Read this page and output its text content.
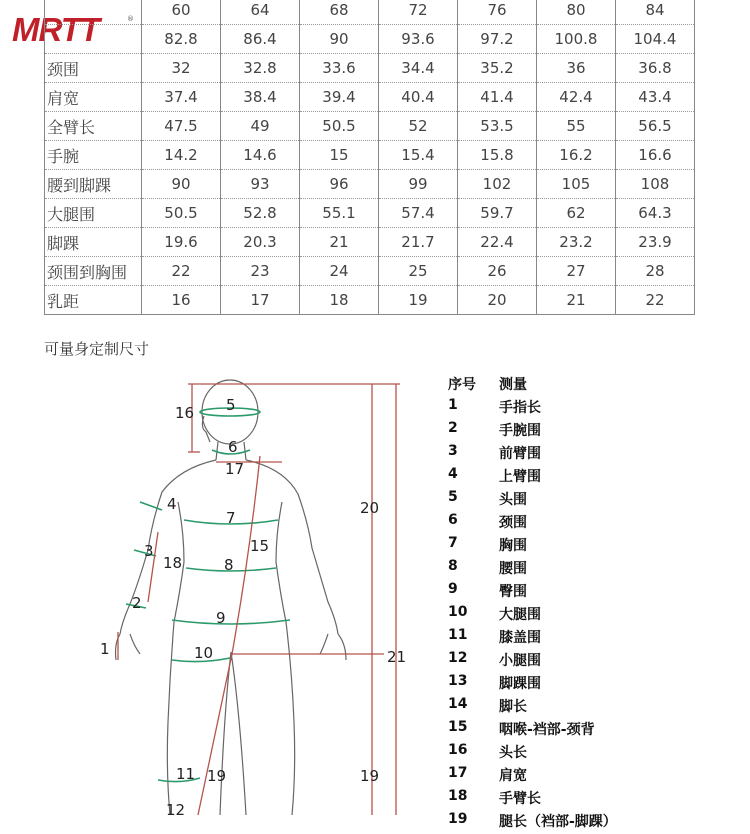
MRTT	®
	60	64	68	72	76	80	84
	82.8	86.4	90	93.6	97.2	100.8	104.4
颈围	32	32.8	33.6	34.4	35.2	36	36.8
肩宽	37.4	38.4	39.4	40.4	41.4	42.4	43.4
全臂长	47.5	49	50.5	52	53.5	55	56.5
手腕	14.2	14.6	15	15.4	15.8	16.2	16.6
腰到脚踝	90	93	96	99	102	105	108
大腿围	50.5	52.8	55.1	57.4	59.7	62	64.3
脚踝	19.6	20.3	21	21.7	22.4	23.2	23.9
颈围到胸围	22	23	24	25	26	27	28
乳距	16	17	18	19	20	21	22
可量身定制尺寸
16 5
6
17
4
7
20
15
3
18	8
2
9
1	10	21
11 19	19
12
序号 测量
1	手指长
2	手腕围
3	前臂围
4	上臂围
5	头围
6	颈围
7	胸围
8	腰围
9	臀围
10 大腿围
11 膝盖围
12 小腿围
13 脚踝围
14 脚长
15 咽喉-裆部-颈背
16 头长
17 肩宽
18 手臂长
19 腿长（裆部-脚踝）
